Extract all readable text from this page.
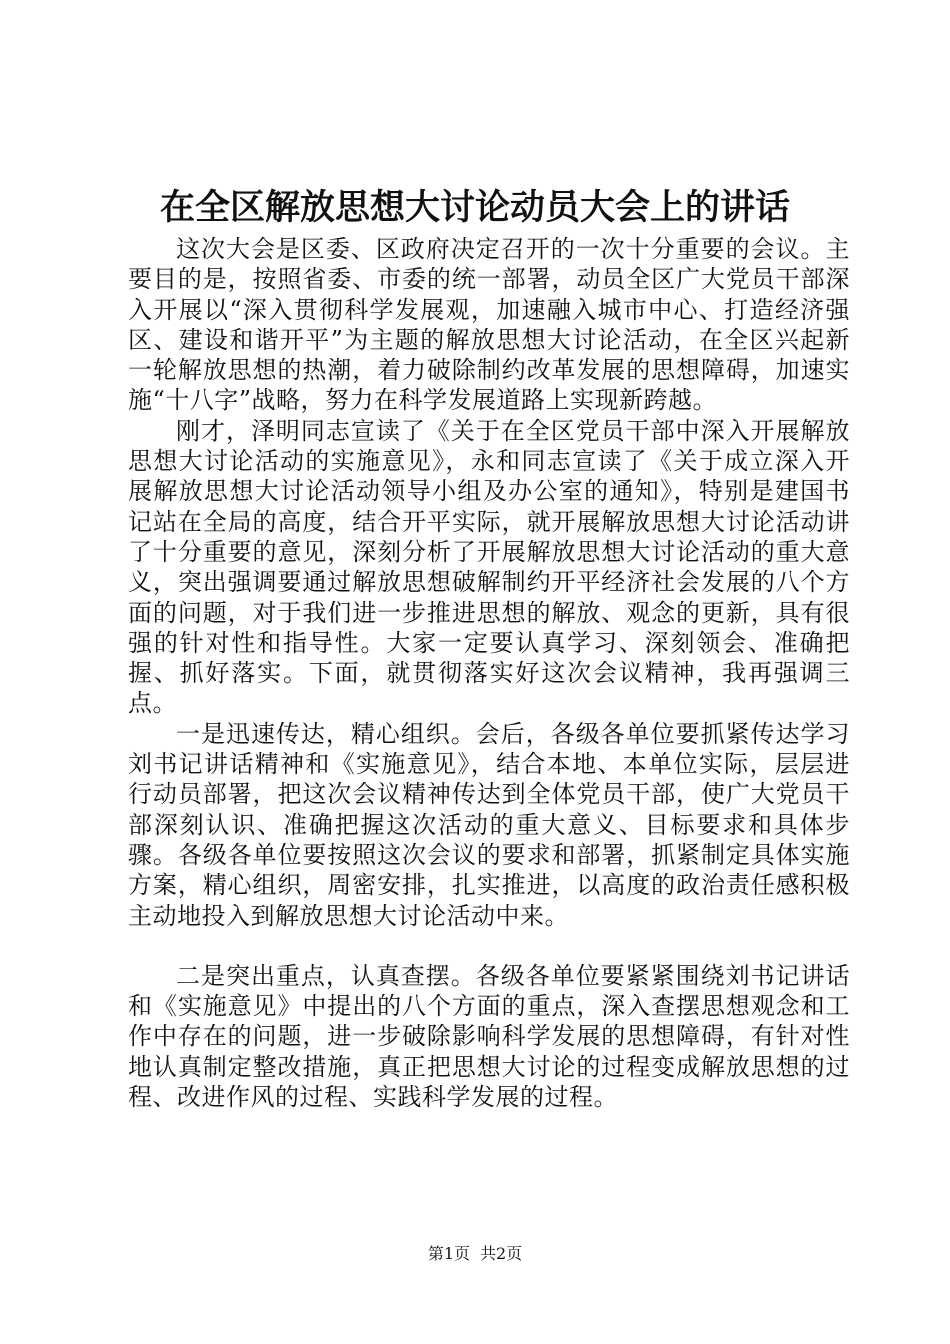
在全区解放思想大讨论动员大会上的讲话

这次大会是区委、区政府决定召开的一次十分重要的会议。主要目的是，按照省委、市委的统一部署，动员全区广大党员干部深入开展以“深入贯彻科学发展观，加速融入城市中心、打造经济强区、建设和谐开平”为主题的解放思想大讨论活动，在全区兴起新一轮解放思想的热潮，着力破除制约改革发展的思想障碍，加速实施“十八字”战略，努力在科学发展道路上实现新跨越。

刚才，泽明同志宣读了《关于在全区党员干部中深入开展解放思想大讨论活动的实施意见》，永和同志宣读了《关于成立深入开展解放思想大讨论活动领导小组及办公室的通知》，特别是建国书记站在全局的高度，结合开平实际，就开展解放思想大讨论活动讲了十分重要的意见，深刻分析了开展解放思想大讨论活动的重大意义，突出强调要通过解放思想破解制约开平经济社会发展的八个方面的问题，对于我们进一步推进思想的解放、观念的更新，具有很强的针对性和指导性。大家一定要认真学习、深刻领会、准确把握、抓好落实。下面，就贯彻落实好这次会议精神，我再强调三点。

一是迅速传达，精心组织。会后，各级各单位要抓紧传达学习刘书记讲话精神和《实施意见》，结合本地、本单位实际，层层进行动员部署，把这次会议精神传达到全体党员干部，使广大党员干部深刻认识、准确把握这次活动的重大意义、目标要求和具体步骤。各级各单位要按照这次会议的要求和部署，抓紧制定具体实施方案，精心组织，周密安排，扎实推进，以高度的政治责任感积极主动地投入到解放思想大讨论活动中来。

二是突出重点，认真查摆。各级各单位要紧紧围绕刘书记讲话和《实施意见》中提出的八个方面的重点，深入查摆思想观念和工作中存在的问题，进一步破除影响科学发展的思想障碍，有针对性地认真制定整改措施，真正把思想大讨论的过程变成解放思想的过程、改进作风的过程、实践科学发展的过程。

第1页 共2页
